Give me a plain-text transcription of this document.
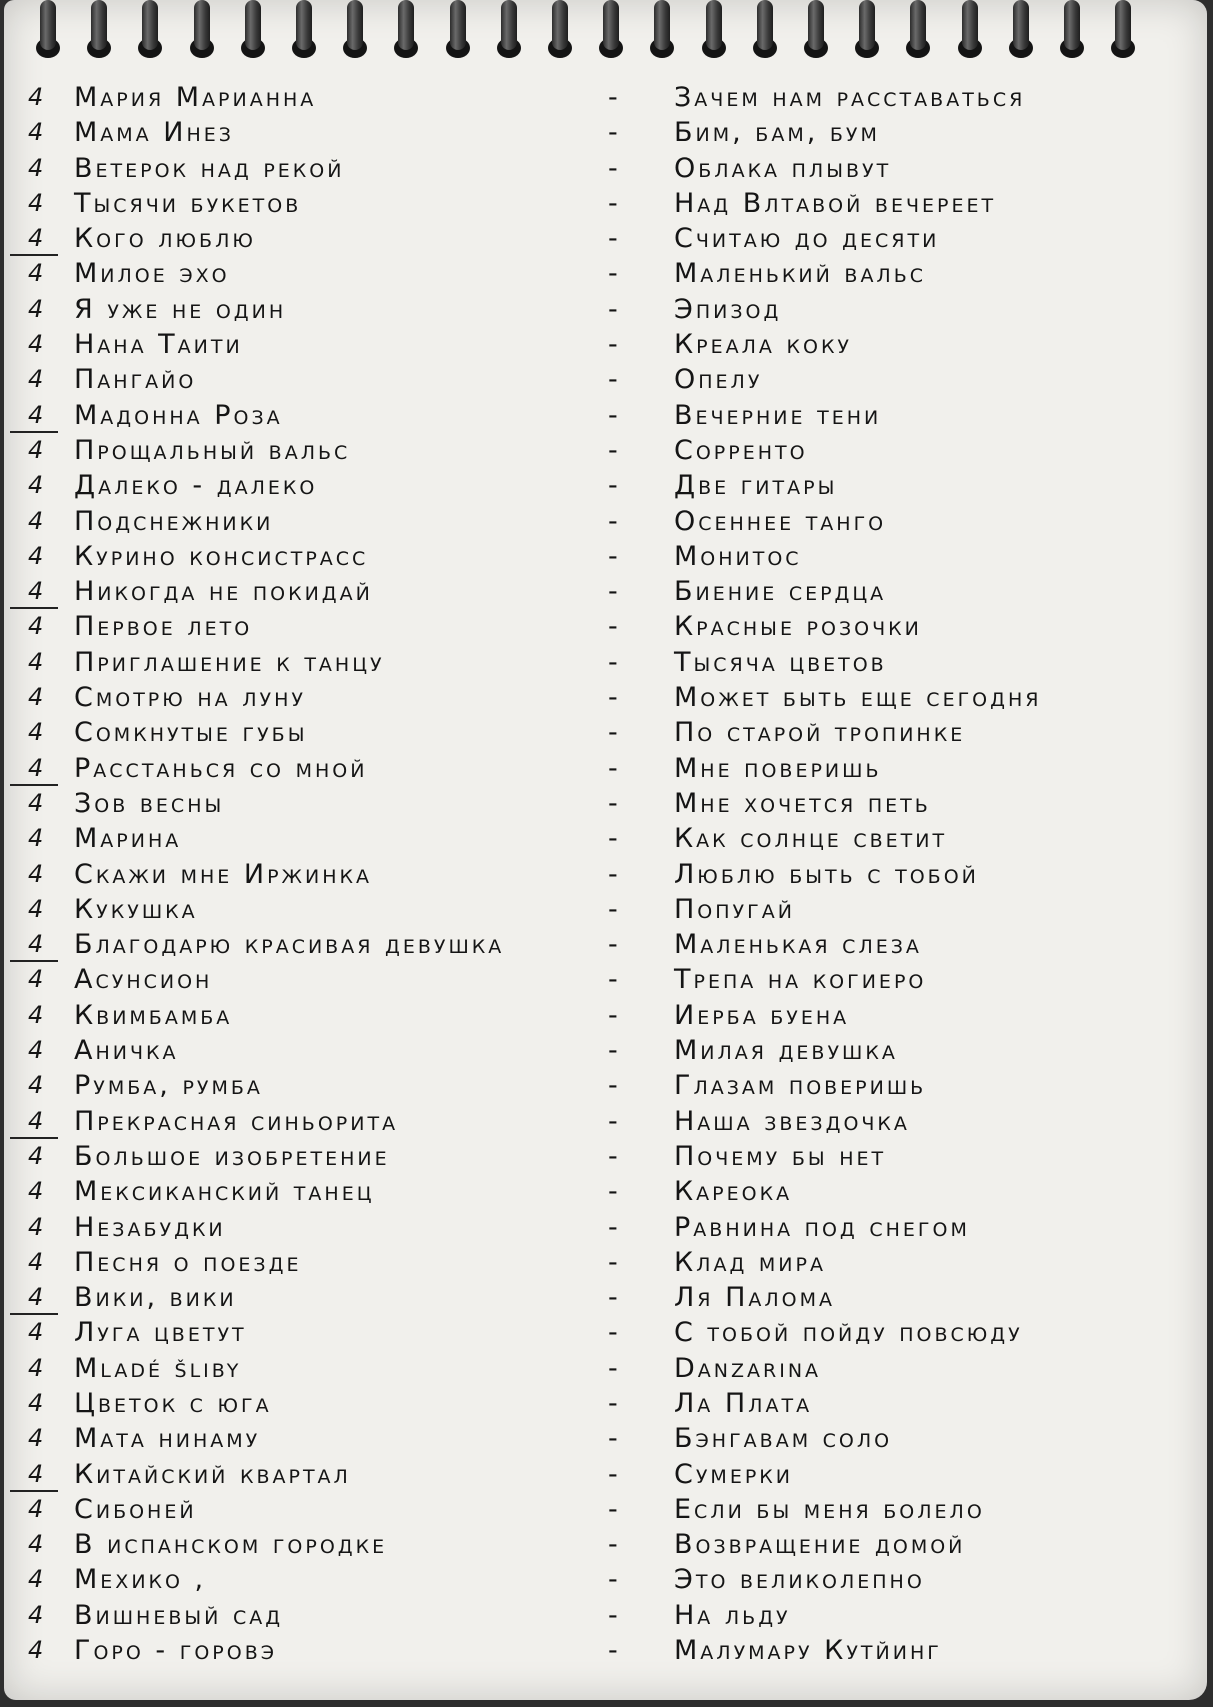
4 Мария Марианна	- Зачем нам расставаться
4 Мама Инез	- Бим, бам, бум
4 Ветерок над рекой	- Облака плывут
4 Тысячи букетов	- Над Влтавой вечереет
4 Кого люблю	- Считаю до десяти
4 Милое эхо	- Маленький вальс
4 Я уже не один	- Эпизод
4 Нана Таити	- Креала коку
4 Пангайо	- Опелу
4 Мадонна Роза	- Вечерние тени
4 Прощальный вальс	- Сорренто
4 Далеко - далеко	- Две гитары
4 Подснежники	- Осеннее танго
4 Курино консистрасс	- Монитос
4 Никогда не покидай	- Биение сердца
4 Первое лето	- Красные розочки
4 Приглашение к танцу	- Тысяча цветов
4 Смотрю на луну	- Может быть еще сегодня
4 Сомкнутые губы	- По старой тропинке
4 Расстанься со мной	- Мне поверишь
4 Зов весны	- Мне хочется петь
4 Марина	- Как солнце светит
4 Скажи мне Иржинка	- Люблю быть с тобой
4 Кукушка	- Попугай
4 Благодарю красивая девушка	- Маленькая слеза
4 Асунсион	- Трепа на когиеро
4 Квимбамба	- Иерба буена
4 Аничка	- Милая девушка
4 Румба, румба	- Глазам поверишь
4 Прекрасная синьорита	- Наша звездочка
4 Большое изобретение	- Почему бы нет
4 Мексиканский танец	- Кареока
4 Незабудки	- Равнина под снегом
4 Песня о поезде	- Клад мира
4 Вики, вики	- Ля Палома
4 Луга цветут	- С тобой пойду повсюду
4 Mladé šliby	- Danzarina
4 Цветок с юга	- Ла Плата
4 Мата нинаму	- Бэнгавам соло
4 Китайский квартал	- Сумерки
4 Сибоней	- Если бы меня болело
4 В испанском городке	- Возвращение домой
4 Мехико ,	- Это великолепно
4 Вишневый сад	- На льду
4 Горо - горовэ	- Малумару Кутйинг
